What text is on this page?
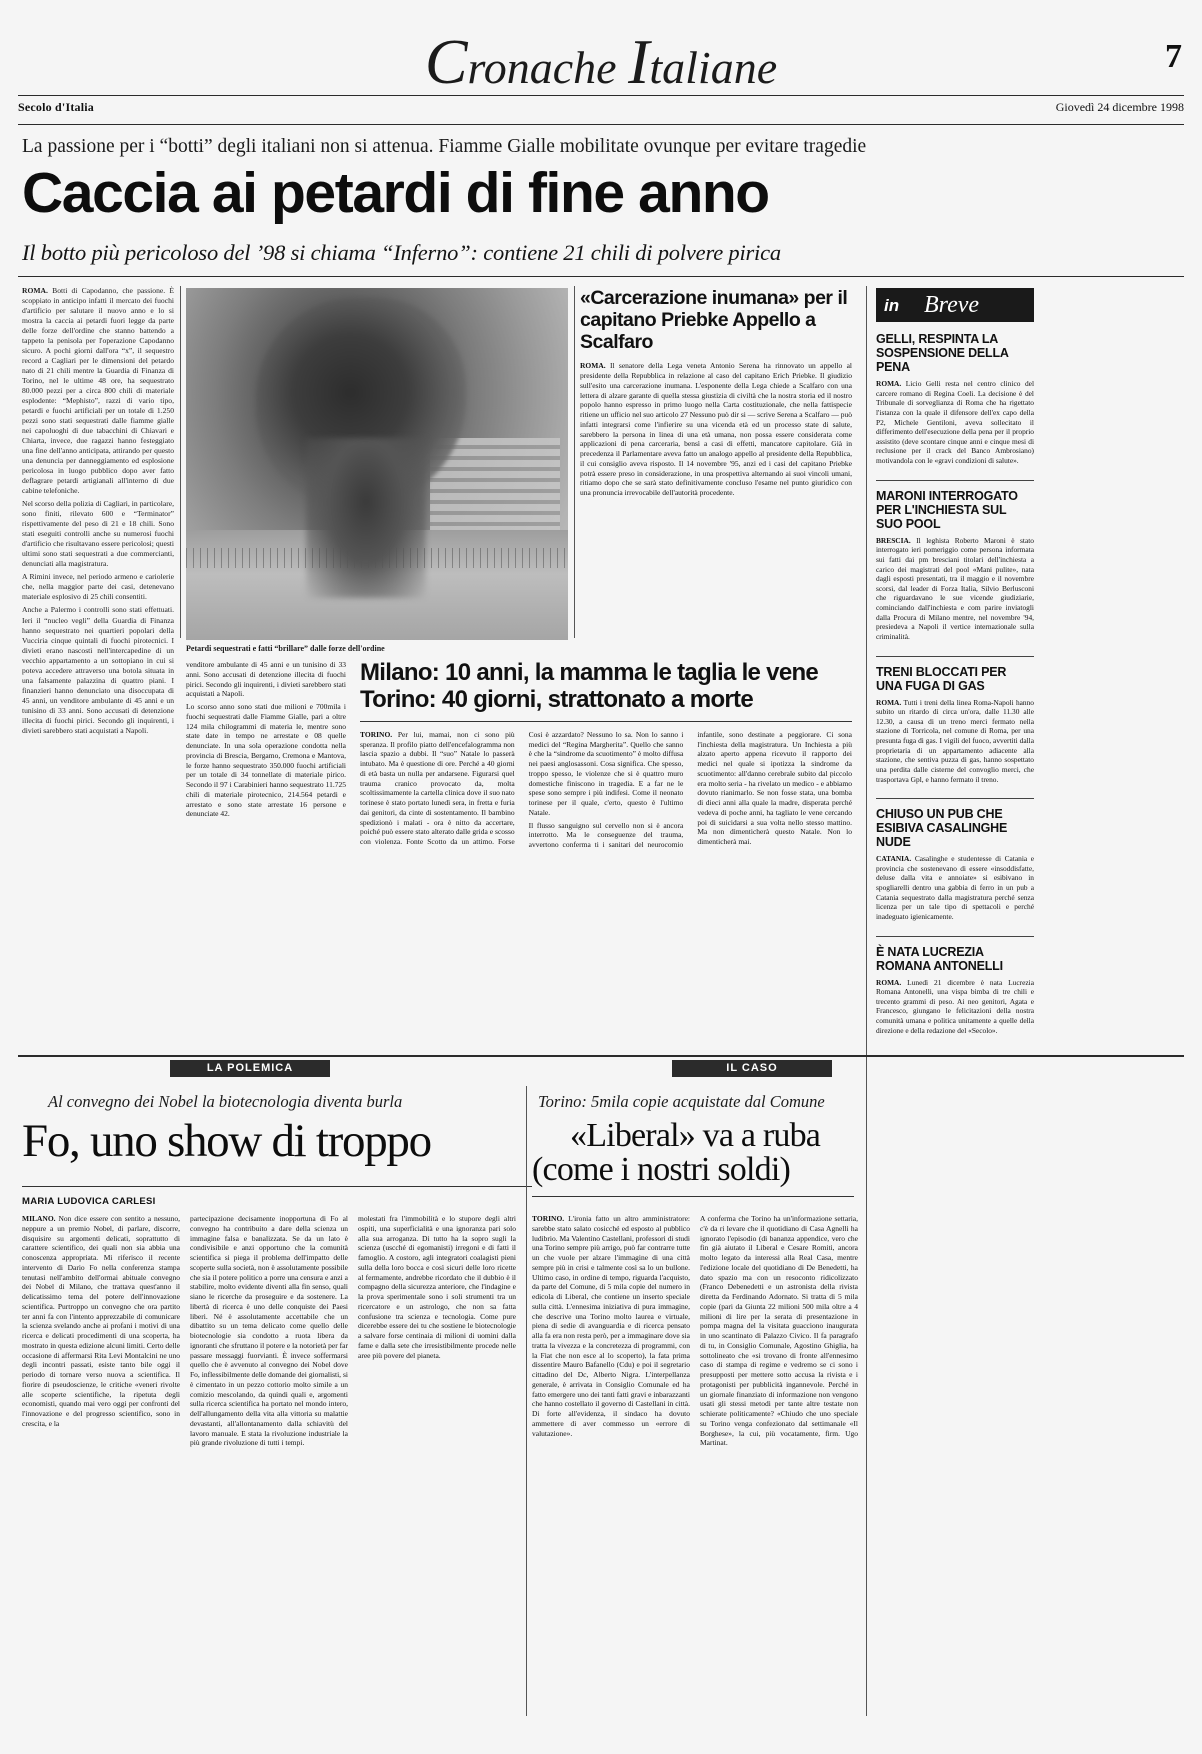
Cronache Italiane	7
Secolo d'Italia	Giovedì 24 dicembre 1998
La passione per i “botti” degli italiani non si attenua. Fiamme Gialle mobilitate ovunque per evitare tragedie
Caccia ai petardi di fine anno
Il botto più pericoloso del ’98 si chiama “Inferno”: contiene 21 chili di polvere pirica

ROMA. Botti di Capodanno, che passione. È scoppiato in anticipo infatti il mercato dei fuochi d'artificio per salutare il nuovo anno e lo si mostra la caccia ai petardi fuori legge da parte delle forze dell'ordine che stanno battendo a tappeto la penisola per l'operazione Capodanno sicuro. A pochi giorni dall'ora “x”, il sequestro record a Cagliari per le dimensioni del petardo nato di 21 chili mentre la Guardia di Finanza di Torino, nel le ultime 48 ore, ha sequestrato 80.000 pezzi per a circa 800 chili di materiale esplodente: “Mephisto”, razzi di vario tipo, petardi e fuochi artificiali per un totale di 1.250 pezzi sono stati sequestrati dalle fiamme gialle nei capoluoghi di due tabacchini di Chiavari e Chiarta, invece, due ragazzi hanno festeggiato una fine dell'anno anticipata, attirando per questo una denuncia per danneggiamento ed esplosione pericolosa in luogo pubblico dopo aver fatto deflagrare petardi artigianali all'interno di due cabine telefoniche.

Nel scorso della polizia di Cagliari, in particolare, sono finiti, rilevato 600 e “Terminator” rispettivamente del peso di 21 e 18 chili. Sono stati eseguiti controlli anche su numerosi fuochi d'artificio che risultavano essere pericolosi; questi ultimi sono stati sequestrati a due commercianti, denunciati alla magistratura.

A Rimini invece, nel periodo armeno e cariolerie che, nella maggior parte dei casi, detenevano materiale esplosivo di 25 chili consentiti.

Anche a Palermo i controlli sono stati effettuati. Ieri il “nucleo vegli” della Guardia di Finanza hanno sequestrato nei quartieri popolari della Vucciria cinque quintali di fuochi pirotecnici. I divieti erano nascosti nell'intercapedine di un vecchio appartamento a un sottopiano in cui si poteva accedere attraverso una botola situata in una falsamente palazzina di quattro piani. I finanzieri hanno denunciato una disoccupata di 45 anni, un venditore ambulante di 45 anni e un tunisino di 33 anni. Sono accusati di detenzione illecita di fuochi pirici. Secondo gli inquirenti, i divieti sarebbero stati acquistati a Napoli.

Petardi sequestrati e fatti “brillare” dalle forze dell'ordine
«Carcerazione inumana» per il capitano Priebke Appello a Scalfaro
ROMA. Il senatore della Lega veneta Antonio Serena ha rinnovato un appello al presidente della Repubblica in relazione al caso del capitano Erich Priebke. Il giudizio sull'esito una carcerazione inumana. L'esponente della Lega chiede a Scalfaro con una lettera di alzare garante di quella stessa giustizia di civiltà che la nostra storia ed il nostro popolo hanno espresso in primo luogo nella Carta costituzionale, che nella fattispecie ritiene un ufficio nel suo articolo 27 Nessuno può dir si — scrive Serena a Scalfaro — può infatti integrarsi come l'infierire su una vicenda età ed un processo state di salute, sarebbero la persona in linea di una età umana, non possa essere considerata come applicazioni di pena carceraria, bensì a casi di effetti, mancatore capitolare. Già in precedenza il Parlamentare aveva fatto un analogo appello al presidente della Repubblica, il cui consiglio aveva risposto. Il 14 novembre '95, anzi ed i casi del capitano Priebke potrà essere preso in considerazione, in una prospettiva alternando ai suoi vincoli umani, ritiamo dopo che se sarà stato definitivamente concluso l'esame nel punto giuridico con una pronuncia irrevocabile dell'autorità procedente.
in Breve
GELLI, RESPINTA LA SOSPENSIONE DELLA PENA
ROMA. Licio Gelli resta nel centro clinico del carcere romano di Regina Coeli. La decisione è del Tribunale di sorveglianza di Roma che ha rigettato l'istanza con la quale il difensore dell'ex capo della P2, Michele Gentiloni, aveva sollecitato il differimento dell'esecuzione della pena per il proprio assistito (deve scontare cinque anni e cinque mesi di reclusione per il crack del Banco Ambrosiano) motivandola con le «gravi condizioni di salute».
MARONI INTERROGATO PER L'INCHIESTA SUL SUO POOL
BRESCIA. Il leghista Roberto Maroni è stato interrogato ieri pomeriggio come persona informata sui fatti dai pm bresciani titolari dell'inchiesta a carico dei magistrati del pool «Mani pulite», nata dagli esposti presentati, tra il maggio e il novembre scorsi, dal leader di Forza Italia, Silvio Berlusconi che riguardavano le sue vicende giudiziarie, cominciando dall'inchiesta e com parire inviatogli dalla Procura di Milano mentre, nel novembre '94, presiedeva a Napoli il vertice internazionale sulla criminalità.
TRENI BLOCCATI PER UNA FUGA DI GAS
ROMA. Tutti i treni della linea Roma-Napoli hanno subito un ritardo di circa un'ora, dalle 11.30 alle 12.30, a causa di un treno merci fermato nella stazione di Torricola, nel comune di Roma, per una presunta fuga di gas. I vigili del fuoco, avvertiti dalla proprietaria di un appartamento adiacente alla stazione, che sentiva puzza di gas, hanno sospettato una perdita dalle cisterne del convoglio merci, che trasportava Gpl, e hanno fermato il treno.
CHIUSO UN PUB CHE ESIBIVA CASALINGHE NUDE
CATANIA. Casalinghe e studentesse di Catania e provincia che sostenevano di essere «insoddisfatte, deluse dalla vita e annoiate» si esibivano in spogliarelli dentro una gabbia di ferro in un pub a Catania sequestrato dalla magistratura perché senza licenza per un tale tipo di spettacoli e perché inadeguato igienicamente.
È NATA LUCREZIA ROMANA ANTONELLI
ROMA. Lunedì 21 dicembre è nata Lucrezia Romana Antonelli, una vispa bimba di tre chili e trecento grammi di peso. Ai neo genitori, Agata e Francesco, giungano le felicitazioni della nostra comunità umana e politica unitamente a quelle della direzione e della redazione del «Secolo».

venditore ambulante di 45 anni e un tunisino di 33 anni. Sono accusati di detenzione illecita di fuochi pirici. Secondo gli inquirenti, i divieti sarebbero stati acquistati a Napoli.

Lo scorso anno sono stati due milioni e 700mila i fuochi sequestrati dalle Fiamme Gialle, pari a oltre 124 mila chilogrammi di materia le, mentre sono state date in tempo ne arrestate e 08 quelle denunciate. In una sola operazione condotta nella provincia di Brescia, Bergamo, Cremona e Mantova, le forze hanno sequestrato 350.000 fuochi artificiali per un totale di 34 tonnellate di materiale pirico. Secondo il 97 i Carabinieri hanno sequestrato 11.725 chili di materiale pirotecnico, 214.564 petardi e arrestato e sono state arrestate 16 persone e denunciate 42.

Milano: 10 anni, la mamma le taglia le vene
Torino: 40 giorni, strattonato a morte

TORINO. Per lui, mamai, non ci sono più speranza. Il profilo piatto dell'encefalogramma non lascia spazio a dubbi. Il “suo” Natale lo passerà intubato. Ma è questione di ore. Perché a 40 giorni di età basta un nulla per andarsene. Figurarsi quel trauma cranico provocato da, molta scoltissimamente la cartella clinica dove il suo nato torinese è stato portato lunedì sera, in fretta e furia dai genitori, da cinte di sostentamento. Il bambino spedizionò i malati - ora è nitto da accertare, poiché può essere stato alterato dalle grida e scosso con violenza. Fonte Scotto da un attimo. Forse Cosi è azzardato? Nessuno lo sa. Non lo sanno i medici del “Regina Margherita”. Quello che sanno è che la “sindrome da scuotimento” è molto diffusa nei paesi anglosassoni. Cosa significa. Che spesso, troppo spesso, le violenze che si è quattro muro domestiche finiscono in tragedia. E a far ne le spese sono sempre i più indifesi. Come il neonato torinese per il quale, c'erto, questo è l'ultimo Natale.

Il flusso sanguigno sul cervello non si è ancora interrotto. Ma le conseguenze del trauma, avvertono conferma ti i sanitari del neurocomio infantile, sono destinate a peggiorare. Ci sona l'inchiesta della magistratura. Un Inchiesta a più alzato aperto appena ricevuto il rapporto dei medici nel quale si ipotizza la sindrome da scuotimento: all'danno cerebrale subito dal piccolo era molto seria - ha rivelato un medico - e abbiamo dovuto rianimarlo. Se non fosse stata, una bomba di dieci anni alla quale la madre, disperata perché vedeva di poche anni, ha tagliato le vene cercando poi di suicidarsi a sua volta nello stesso mattino. Ma non dimenticherà questo Natale. Non lo dimenticherà mai.

LA POLEMICA	IL CASO
Al convegno dei Nobel la biotecnologia diventa burla
Fo, uno show di troppo
Torino: 5mila copie acquistate dal Comune
«Liberal» va a ruba
(come i nostri soldi)
MARIA LUDOVICA CARLESI

MILANO. Non dice essere con sentito a nessuno, neppure a un premio Nobel, di parlare, discorre, disquisire su argomenti delicati, soprattutto di carattere scientifico, dei quali non sia abbia una conoscenza appropriata. Mi riferisco il recente intervento di Dario Fo nella conferenza stampa tenutasi nell'ambito dell'ormai abituale convegno dei Nobel di Milano, che trattava quest'anno il delicatissimo tema del potere dell'innovazione scientifica. Purtroppo un convegno che ora partito ter anni fa con l'intento apprezzabile di comunicare la scienza svelando anche ai profani i motivi di una ricerca e delicati procedimenti di una scoperta, ha mostrato in questa edizione alcuni limiti. Certo delle occasione di affermarsi Rita Levi Montalcini ne uno degli incontri passati, esiste tanto bile oggi il periodo di tornare verso nuova a scientifica. Il fiorire di pseudoscienze, le critiche «veneri rivolte alle scoperte scientifiche, la ripetuta degli economisti, quando mai vero oggi per confronti del l'innovazione e del progresso scientifico, sono in crescita, e la

partecipazione decisamente inopportuna di Fo al convegno ha contribuito a dare della scienza un immagine falsa e banalizzata. Se da un lato è condivisibile e anzi opportuno che la comunità scientifica si piega il problema dell'impatto delle scoperte sulla società, non è assolutamente possibile che sia il potere politico a porre una censura e anzi a stabilire, molto evidente diventi alla fin senso, quali siano le ricerche da proseguire e da sostenere. La libertà di ricerca è uno delle conquiste dei Paesi liberi. Né è assolutamente accettabile che un dibattito su un tema delicato come quello delle biotecnologie sia condotto a ruota libera da ignoranti che sfruttano il potere e la notorietà per far passare messaggi fuorvianti. È invece soffermarsi quello che è avvenuto al convegno dei Nobel dove Fo, inflessibilmente delle domande dei giornalisti, si è cimentato in un pezzo cottorio molto simile a un comizio mescolando, da quindi quali e, argomenti sulla ricerca scientifica ha portato nel mondo intero, dell'allungamento della vita alla vittoria su malattie devastanti, all'allontanamento dalla schiavitù del lavoro manuale. E stata la rivoluzione industriale la più grande rivoluzione di tutti i tempi.

molestati fra l'immobilità e lo stupore degli altri ospiti, una superficialità e una ignoranza pari solo alla sua arroganza. Di tutto ha la sopro sugli la scienza (uscché di egomanisti) irregoni e di fatti il famoglio. A costoro, agli integratori coalagisti pieni sulla della loro bocca e così sicuri delle loro ricette al fermamente, andrebbe ricordato che il dubbio è il compagno della sicurezza anteriore, che l'indagine e la prova sperimentale sono i soli strumenti tra un ricercatore e un astrologo, che non sa fatta confusione tra scienza e tecnologia. Come pure dicerebbe essere dei tu che sostiene le biotecnologie a salvare forse centinaia di milioni di uomini dalla fame e dalla sete che irresistibilmente procede nelle aree più povere del pianeta.

TORINO. L'ironia fatto un altro amministratore: sarebbe stato salato cosicché ed esposto al pubblico ludibrio. Ma Valentino Castellani, professori di studi una Torino sempre più arrigo, può far contrarre tutte un che vuole per alzare l'immagine di una città sempre più in crisi e talmente così sa lo un bullone. Ultimo caso, in ordine di tempo, riguarda l'acquisto, da parte del Comune, di 5 mila copie del numero in edicola di Liberal, che contiene un inserto speciale sulla città. L'ennesima iniziativa di pura immagine, che descrive una Torino molto laurea e virtuale, piena di sedie di avanguardia e di ricerca pensato alla fa era non resta però, per a immaginare dove sia tratta la vivezza e la concretezza di programmi, con la Fiat che non esce al lo scoperto), la fata prima dissentire Mauro Bafanello (Cdu) e poi il segretario cittadino del Dc, Alberto Nigra. L'interpellanza generale, è arrivata in Consiglio Comunale ed ha fatto emergere uno dei tanti fatti gravi e inbarazzanti che hanno costellato il governo di Castellani in città. Di forte all'evidenza, il sindaco ha dovuto ammettere di aver commesso un «errore di valutazione».

A conferma che Torino ha un'informazione settaria, c'è da ri levare che il quotidiano di Casa Agnelli ha ignorato l'episodio (di bananza appendice, vero che fin già aiutato il Liberal e Cesare Romiti, ancora molto legato da interessi alla Real Casa, mentre l'edizione locale del quotidiano di De Benedetti, ha dato spazio ma con un resoconto ridicolizzato (Franco Debenedetti e un astronista della rivista diretta da Ferdinando Adornato. Si tratta di 5 mila copie (pari da Giunta 22 milioni 500 mila oltre a 4 milioni di lire per la serata di presentazione in pompa magna del la visitata guacciono inaugurata in uno scantinato di Palazzo Civico. Il fa paragrafo di tu, in Consiglio Comunale, Agostino Ghiglia, ha sottolineato che «si trovano di fronte all'ennesimo caso di stampa di regime e vedremo se ci sono i presupposti per mettere sotto accusa la rivista e i protagonisti per pubblicità ingannevole. Perché in un giornale finanziato di informazione non vengono usati gli stessi metodi per tante altre testate non schierate politicamente? «Chiudo che uno speciale su Torino venga confezionato dal settimanale «Il Borghese», la cui, più vocatamente, firm. Ugo Martinat.
